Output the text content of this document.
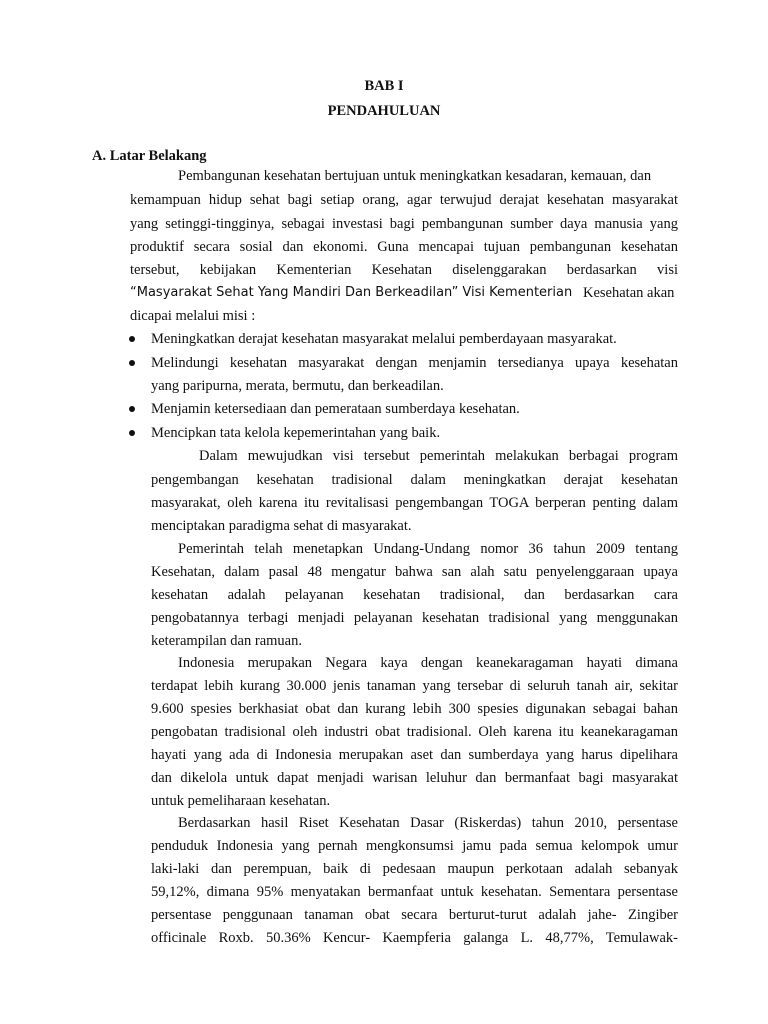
BAB I
PENDAHULUAN
A. Latar Belakang
Pembangunan kesehatan bertujuan untuk meningkatkan kesadaran, kemauan, dan
kemampuan hidup sehat bagi setiap orang, agar terwujud derajat kesehatan masyarakat
yang setinggi-tingginya, sebagai investasi bagi pembangunan sumber daya manusia yang
produktif secara sosial dan ekonomi. Guna mencapai tujuan pembangunan kesehatan
tersebut, kebijakan Kementerian Kesehatan diselenggarakan berdasarkan visi
“Masyarakat Sehat Yang Mandiri Dan Berkeadilan” Visi Kementerian Kesehatan akan
dicapai melalui misi :
Meningkatkan derajat kesehatan masyarakat melalui pemberdayaan masyarakat.
Melindungi kesehatan masyarakat dengan menjamin tersedianya upaya kesehatan
yang paripurna, merata, bermutu, dan berkeadilan.
Menjamin ketersediaan dan pemerataan sumberdaya kesehatan.
Mencipkan tata kelola kepemerintahan yang baik.
Dalam mewujudkan visi tersebut pemerintah melakukan berbagai program
pengembangan kesehatan tradisional dalam meningkatkan derajat kesehatan
masyarakat, oleh karena itu revitalisasi pengembangan TOGA berperan penting dalam
menciptakan paradigma sehat di masyarakat.
Pemerintah telah menetapkan Undang-Undang nomor 36 tahun 2009 tentang
Kesehatan, dalam pasal 48 mengatur bahwa san alah satu penyelenggaraan upaya
kesehatan adalah pelayanan kesehatan tradisional, dan berdasarkan cara
pengobatannya terbagi menjadi pelayanan kesehatan tradisional yang menggunakan
keterampilan dan ramuan.
Indonesia merupakan Negara kaya dengan keanekaragaman hayati dimana
terdapat lebih kurang 30.000 jenis tanaman yang tersebar di seluruh tanah air, sekitar
9.600 spesies berkhasiat obat dan kurang lebih 300 spesies digunakan sebagai bahan
pengobatan tradisional oleh industri obat tradisional. Oleh karena itu keanekaragaman
hayati yang ada di Indonesia merupakan aset dan sumberdaya yang harus dipelihara
dan dikelola untuk dapat menjadi warisan leluhur dan bermanfaat bagi masyarakat
untuk pemeliharaan kesehatan.
Berdasarkan hasil Riset Kesehatan Dasar (Riskerdas) tahun 2010, persentase
penduduk Indonesia yang pernah mengkonsumsi jamu pada semua kelompok umur
laki-laki dan perempuan, baik di pedesaan maupun perkotaan adalah sebanyak
59,12%, dimana 95% menyatakan bermanfaat untuk kesehatan. Sementara persentase
persentase penggunaan tanaman obat secara berturut-turut adalah jahe- Zingiber
officinale Roxb. 50.36% Kencur- Kaempferia galanga L. 48,77%, Temulawak-
